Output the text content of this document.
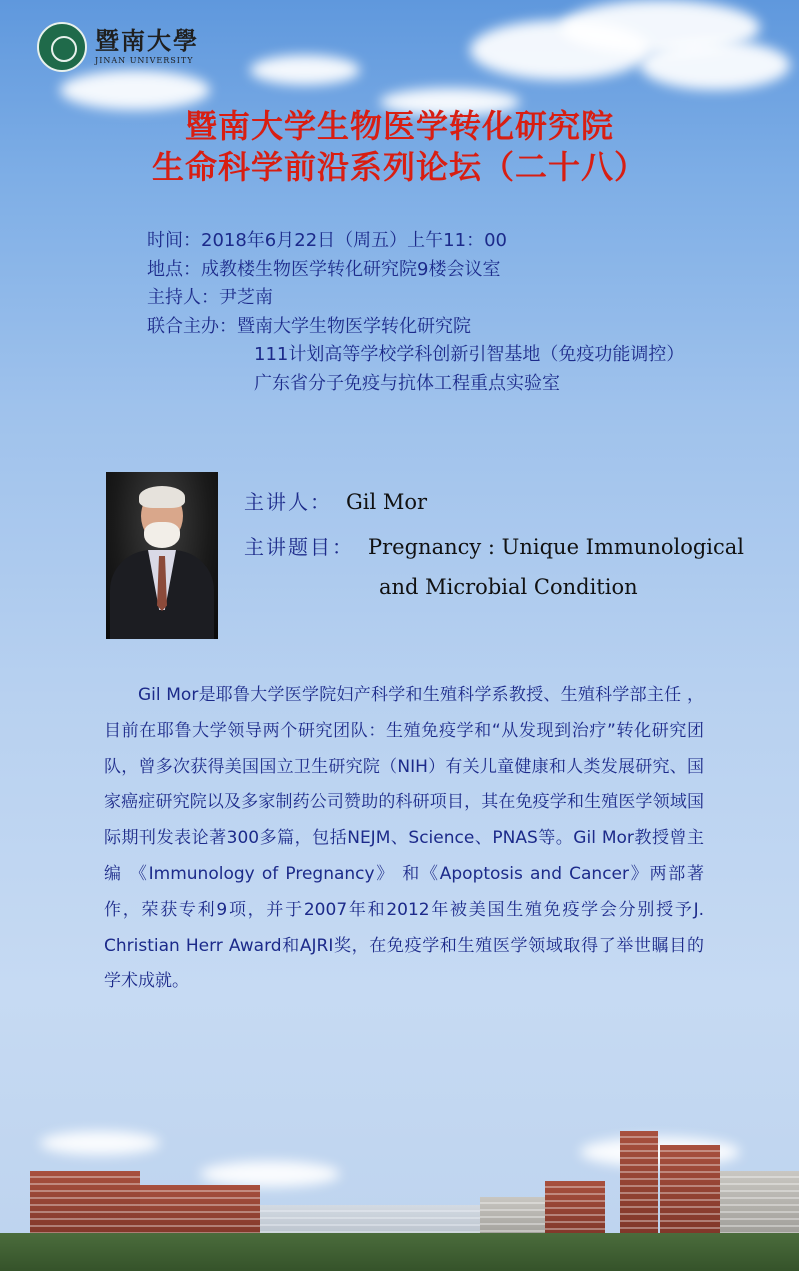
暨南大學
JINAN UNIVERSITY
暨南大学生物医学转化研究院
生命科学前沿系列论坛（二十八）
时间：2018年6月22日（周五）上午11：00
地点：成教楼生物医学转化研究院9楼会议室
主持人：尹芝南
联合主办：暨南大学生物医学转化研究院
111计划高等学校学科创新引智基地（免疫功能调控）
广东省分子免疫与抗体工程重点实验室
主讲人： Gil Mor
主讲题目： Pregnancy : Unique Immunological
and Microbial Condition

Gil Mor是耶鲁大学医学院妇产科学和生殖科学系教授、生殖科学部主任 ，目前在耶鲁大学领导两个研究团队：生殖免疫学和“从发现到治疗”转化研究团队，曾多次获得美国国立卫生研究院（NIH）有关儿童健康和人类发展研究、国家癌症研究院以及多家制药公司赞助的科研项目，其在免疫学和生殖医学领域国际期刊发表论著300多篇，包括NEJM、Science、PNAS等。Gil Mor教授曾主编 《Immunology of Pregnancy》 和《Apoptosis and Cancer》两部著作，荣获专利9项，并于2007年和2012年被美国生殖免疫学会分别授予J. Christian Herr Award和AJRI奖，在免疫学和生殖医学领域取得了举世瞩目的学术成就。
